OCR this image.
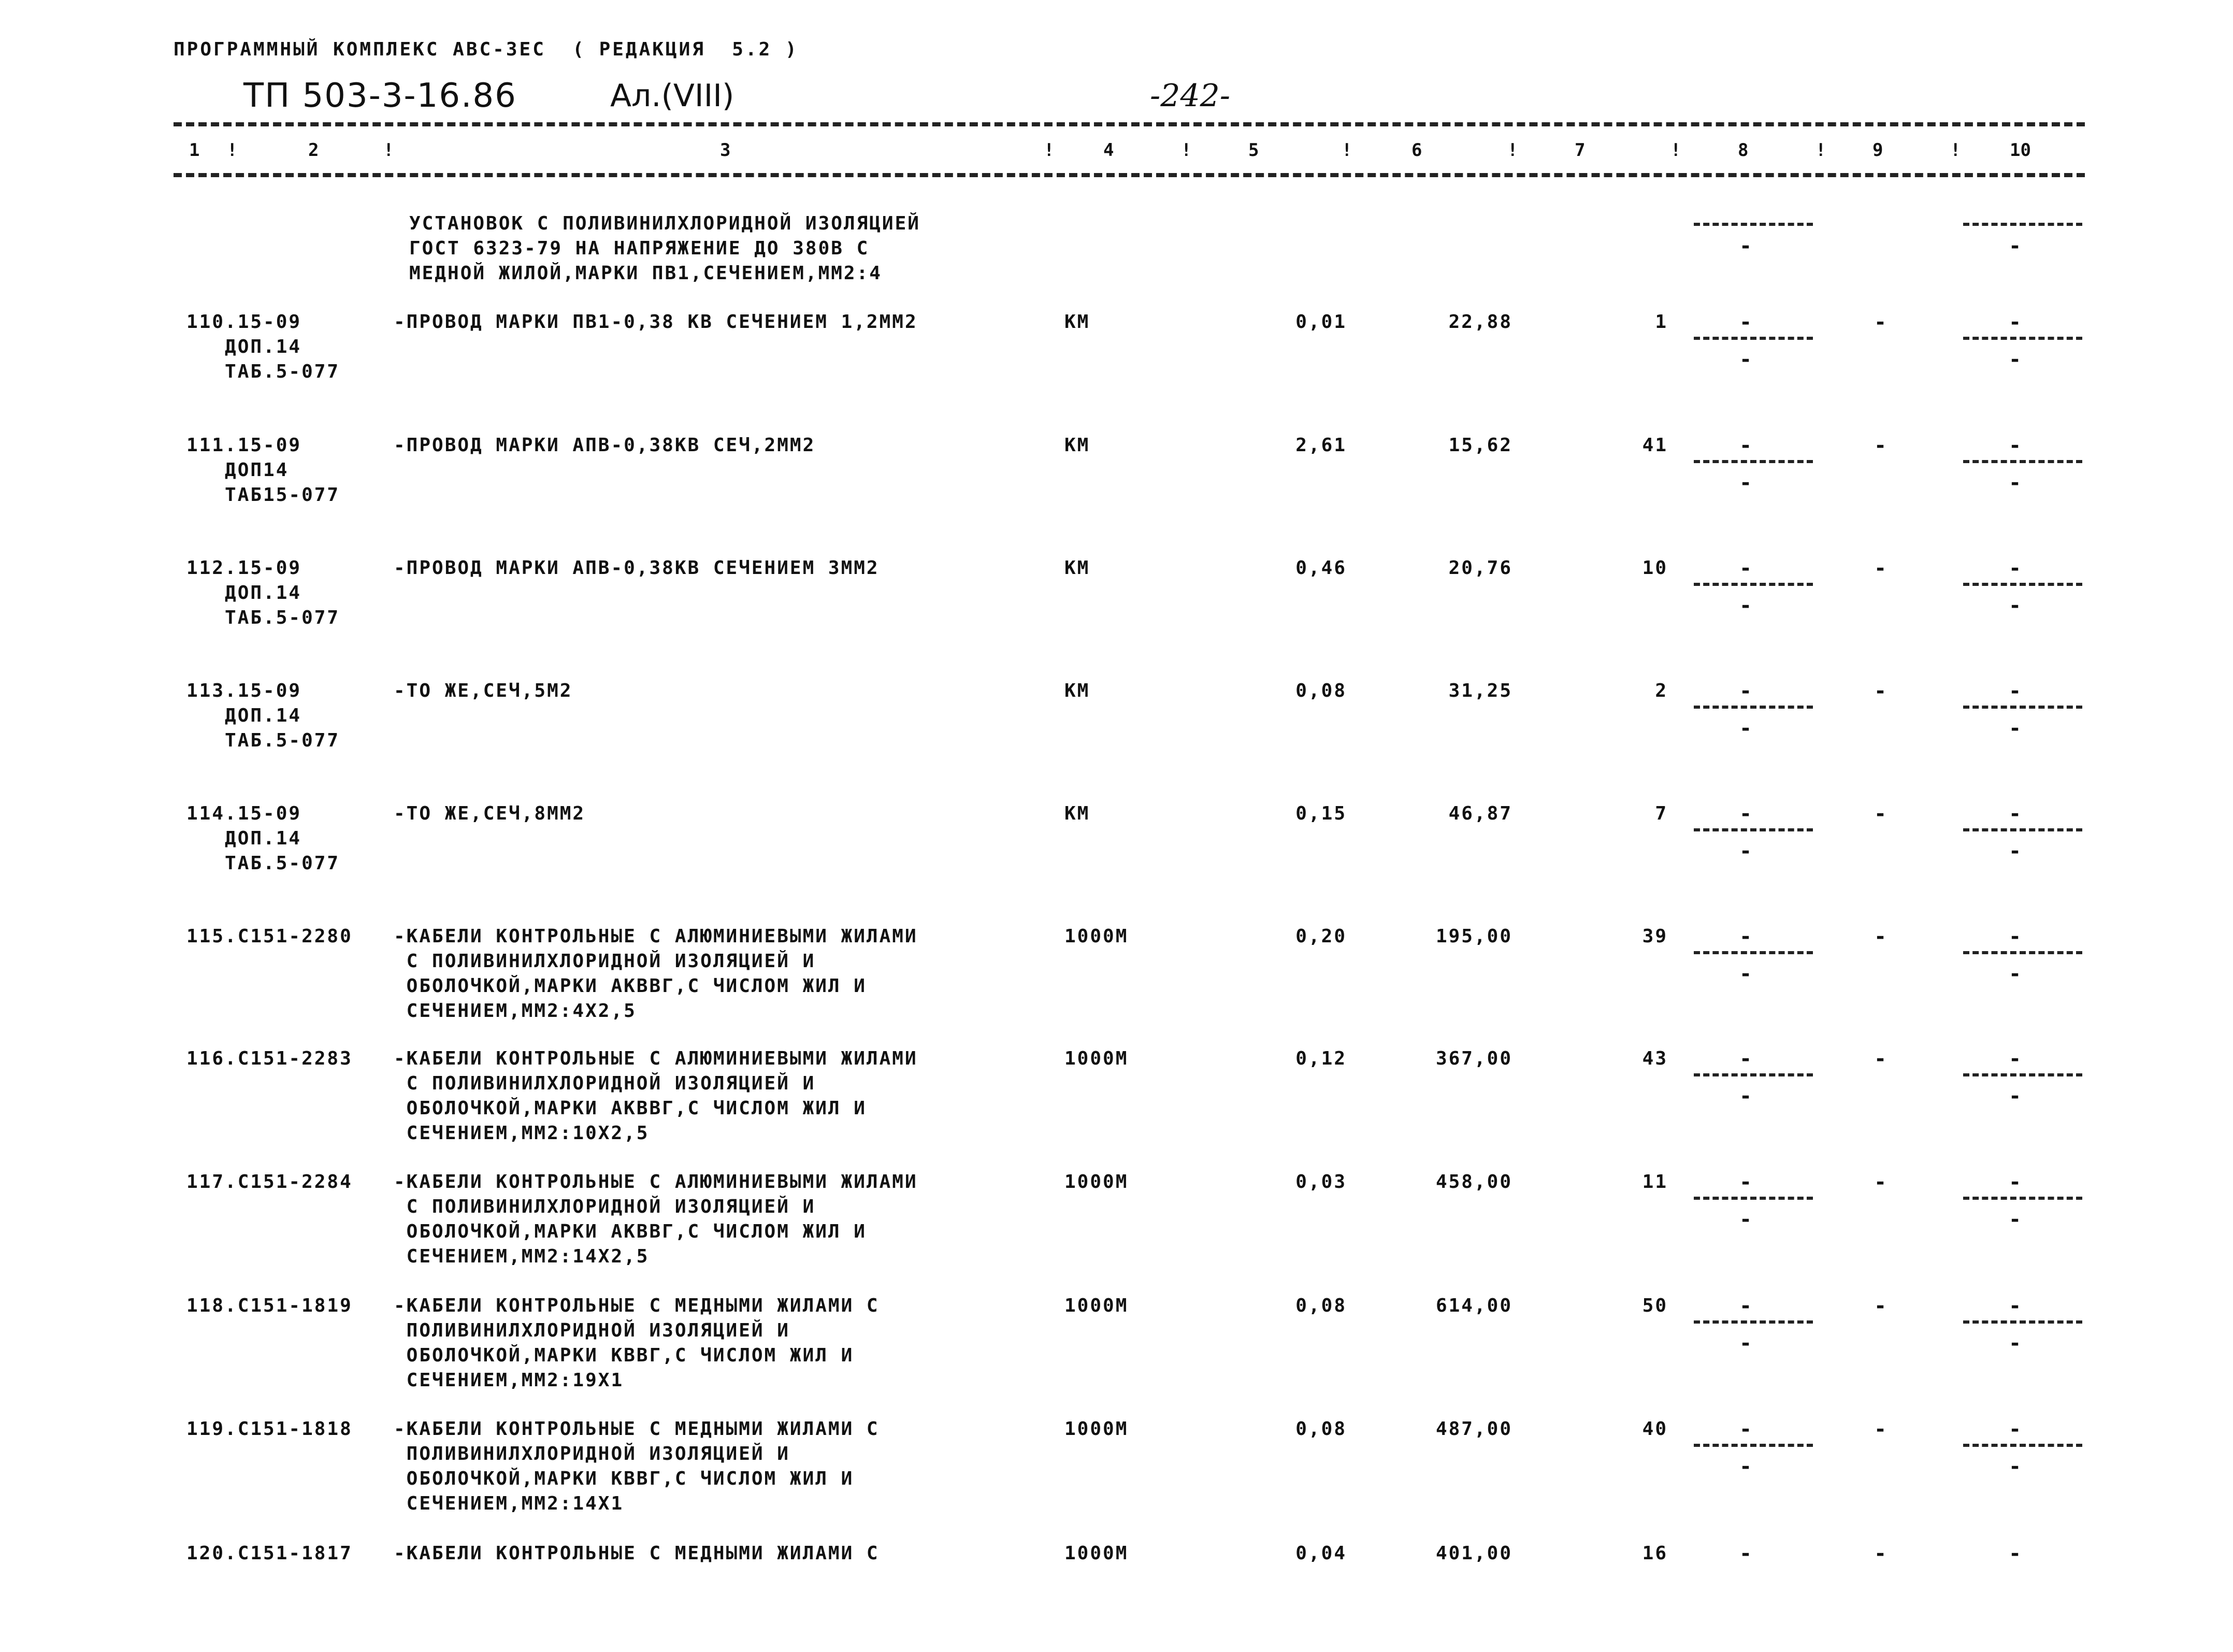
ПРОГРАММНЫЙ КОМПЛЕКС АВС-ЗЕС  ( РЕДАКЦИЯ  5.2 )
ТП 503-3-16.86	Ал.(VIII)	-242-
1 !	2	!	3	!	4	!	5	!	6	!	7	!	8	!	9	!	10
УСТАНОВОК С ПОЛИВИНИЛХЛОРИДНОЙ ИЗОЛЯЦИЕЙ
ГОСТ 6323-79 НА НАПРЯЖЕНИЕ ДО 380В С
МЕДНОЙ ЖИЛОЙ,МАРКИ ПВ1,СЕЧЕНИЕМ,ММ2:4
-	-
110.15-09
ДОП.14
ТАБ.5-077
-ПРОВОД МАРКИ ПВ1-0,38 КВ СЕЧЕНИЕМ 1,2ММ2	КМ	0,01	22,88	1	-	-	-
-	-
111.15-09
ДОП14
ТАБ15-077
-ПРОВОД МАРКИ АПВ-0,38КВ СЕЧ,2ММ2	КМ	2,61	15,62	41	-	-	-
-	-
112.15-09
ДОП.14
ТАБ.5-077
-ПРОВОД МАРКИ АПВ-0,38КВ СЕЧЕНИЕМ 3ММ2	КМ	0,46	20,76	10	-	-	-
-	-
113.15-09
ДОП.14
ТАБ.5-077
-ТО ЖЕ,СЕЧ,5М2	КМ	0,08	31,25	2	-	-	-
-	-
114.15-09
ДОП.14
ТАБ.5-077
-ТО ЖЕ,СЕЧ,8ММ2	КМ	0,15	46,87	7	-	-	-
-	-
115.С151-2280 -КАБЕЛИ КОНТРОЛЬНЫЕ С АЛЮМИНИЕВЫМИ ЖИЛАМИ
С ПОЛИВИНИЛХЛОРИДНОЙ ИЗОЛЯЦИЕЙ И
ОБОЛОЧКОЙ,МАРКИ АКВВГ,С ЧИСЛОМ ЖИЛ И
СЕЧЕНИЕМ,ММ2:4Х2,5
1000М	0,20	195,00	39	-	-	-
-	-
116.С151-2283 -КАБЕЛИ КОНТРОЛЬНЫЕ С АЛЮМИНИЕВЫМИ ЖИЛАМИ
С ПОЛИВИНИЛХЛОРИДНОЙ ИЗОЛЯЦИЕЙ И
ОБОЛОЧКОЙ,МАРКИ АКВВГ,С ЧИСЛОМ ЖИЛ И
СЕЧЕНИЕМ,ММ2:10Х2,5
1000М	0,12	367,00	43	-	-	-
-	-
117.С151-2284 -КАБЕЛИ КОНТРОЛЬНЫЕ С АЛЮМИНИЕВЫМИ ЖИЛАМИ
С ПОЛИВИНИЛХЛОРИДНОЙ ИЗОЛЯЦИЕЙ И
ОБОЛОЧКОЙ,МАРКИ АКВВГ,С ЧИСЛОМ ЖИЛ И
СЕЧЕНИЕМ,ММ2:14Х2,5
1000М	0,03	458,00	11	-	-	-
-	-
118.С151-1819 -КАБЕЛИ КОНТРОЛЬНЫЕ С МЕДНЫМИ ЖИЛАМИ С
ПОЛИВИНИЛХЛОРИДНОЙ ИЗОЛЯЦИЕЙ И
ОБОЛОЧКОЙ,МАРКИ КВВГ,С ЧИСЛОМ ЖИЛ И
СЕЧЕНИЕМ,ММ2:19Х1
1000М	0,08	614,00	50	-	-	-
-	-
119.С151-1818 -КАБЕЛИ КОНТРОЛЬНЫЕ С МЕДНЫМИ ЖИЛАМИ С
ПОЛИВИНИЛХЛОРИДНОЙ ИЗОЛЯЦИЕЙ И
ОБОЛОЧКОЙ,МАРКИ КВВГ,С ЧИСЛОМ ЖИЛ И
СЕЧЕНИЕМ,ММ2:14Х1
1000М	0,08	487,00	40	-	-	-
-	-
120.С151-1817 -КАБЕЛИ КОНТРОЛЬНЫЕ С МЕДНЫМИ ЖИЛАМИ С	1000М	0,04	401,00	16	-	-	-
